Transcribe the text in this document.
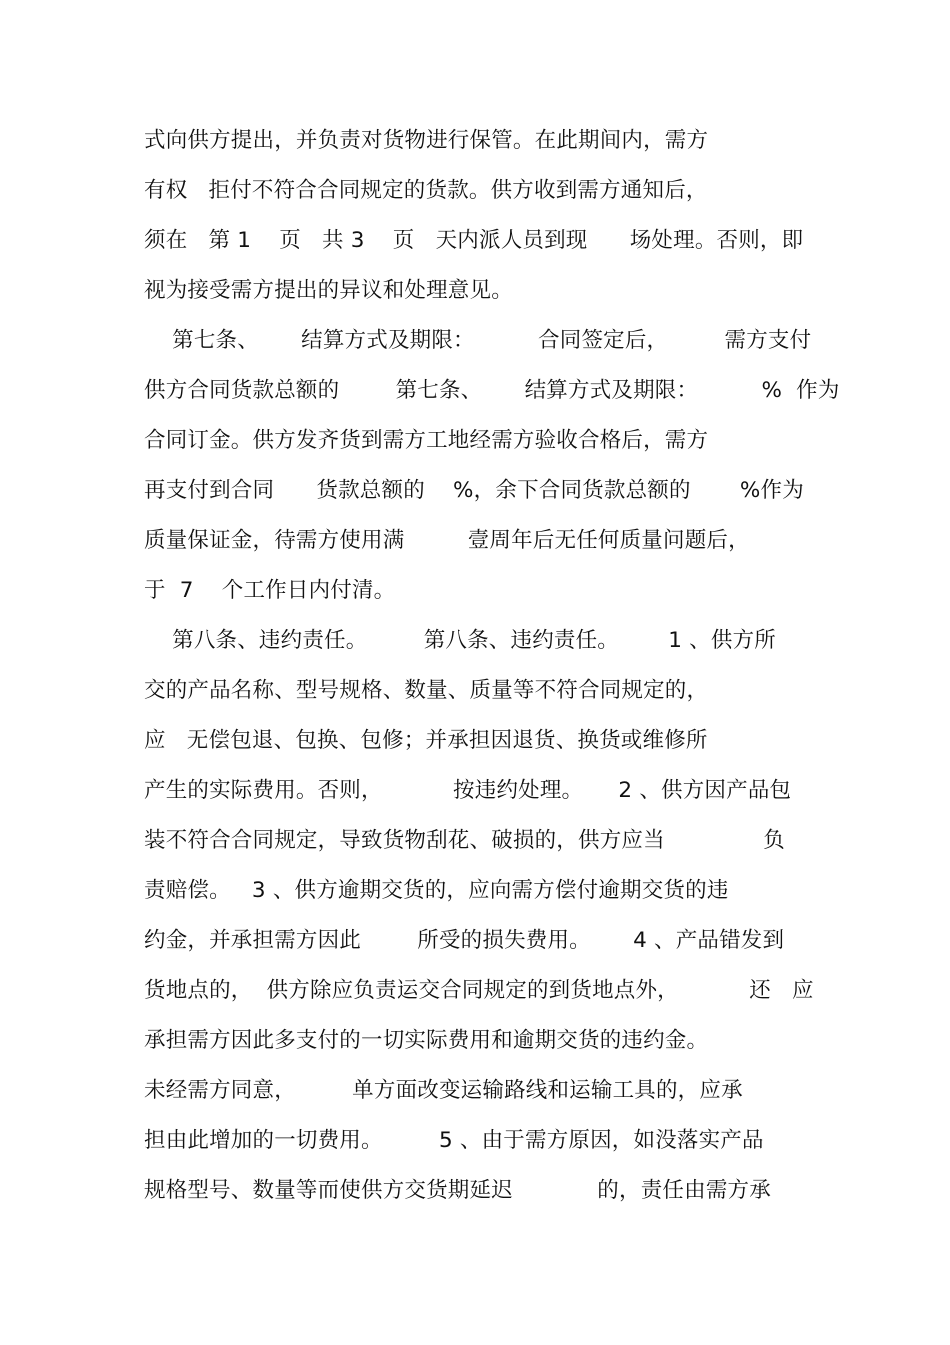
式向供方提出，并负责对货物进行保管。在此期间内，需方
有权   拒付不符合合同规定的货款。供方收到需方通知后，
须在   第 1    页   共 3    页   天内派人员到现      场处理。否则，即
视为接受需方提出的异议和处理意见。
第七条、      结算方式及期限：         合同签定后，        需方支付
供方合同货款总额的        第七条、      结算方式及期限：         %  作为
合同订金。供方发齐货到需方工地经需方验收合格后，需方
再支付到合同      货款总额的    %，余下合同货款总额的       %作为
质量保证金，待需方使用满         壹周年后无任何质量问题后，
于  7    个工作日内付清。
第八条、违约责任。        第八条、违约责任。       1 、供方所
交的产品名称、型号规格、数量、质量等不符合同规定的，
应   无偿包退、包换、包修；并承担因退货、换货或维修所
产生的实际费用。否则，          按违约处理。     2 、供方因产品包
装不符合合同规定，导致货物刮花、破损的，供方应当              负
责赔偿。   3 、供方逾期交货的，应向需方偿付逾期交货的违
约金，并承担需方因此        所受的损失费用。      4 、产品错发到
货地点的，  供方除应负责运交合同规定的到货地点外，          还   应
承担需方因此多支付的一切实际费用和逾期交货的违约金。
未经需方同意，        单方面改变运输路线和运输工具的，应承
担由此增加的一切费用。        5 、由于需方原因，如没落实产品
规格型号、数量等而使供方交货期延迟            的，责任由需方承
